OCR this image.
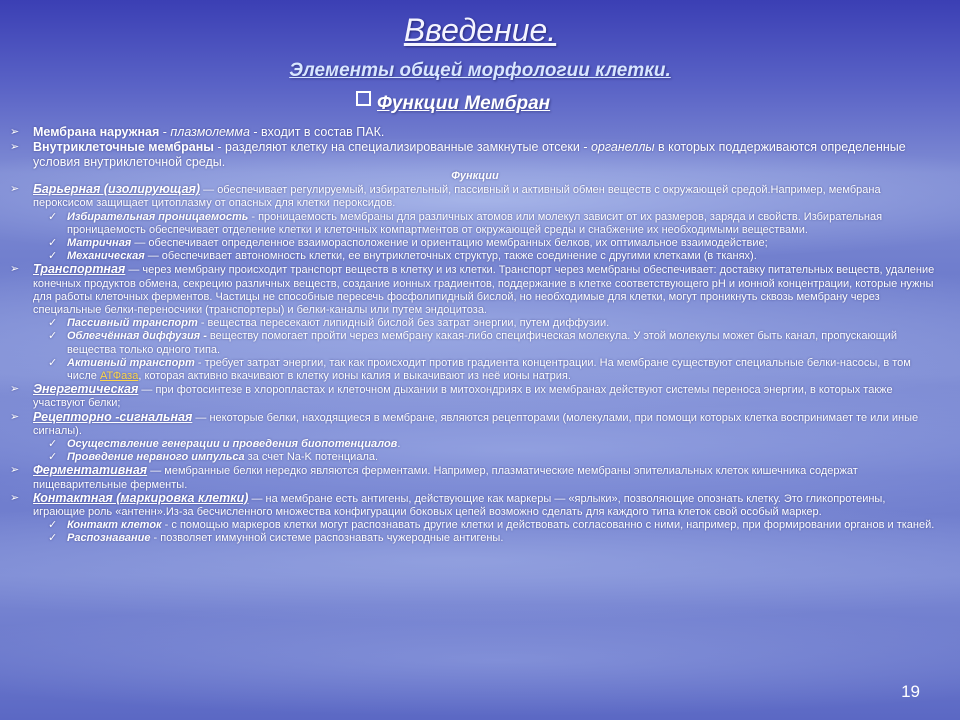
Введение.
Элементы общей морфологии клетки.
Функции Мембран
➢	Мембрана наружная - плазмолемма - входит в состав ПАК.
➢	Внутриклеточные мембраны - разделяют клетку на специализированные замкнутые отсеки - органеллы в которых поддерживаются определенные условия внутриклеточной среды.
Функции
➢	Барьерная (изолирующая) — обеспечивает регулируемый, избирательный, пассивный и активный обмен веществ с окружающей средой.Например, мембрана пероксисом защищает цитоплазму от опасных для клетки пероксидов.
✓ Избирательная проницаемость - проницаемость мембраны для различных атомов или молекул зависит от их размеров, заряда и свойств. Избирательная проницаемость обеспечивает отделение клетки и клеточных компартментов от окружающей среды и снабжение их необходимыми веществами.
✓ Матричная — обеспечивает определенное взаиморасположение и ориентацию мембранных белков, их оптимальное взаимодействие;
✓ Механическая — обеспечивает автономность клетки, ее внутриклеточных структур, также соединение с другими клетками (в тканях).
➢	Транспортная — через мембрану происходит транспорт веществ в клетку и из клетки. Транспорт через мембраны обеспечивает: доставку питательных веществ, удаление конечных продуктов обмена, секрецию различных веществ, создание ионных градиентов, поддержание в клетке соответствующего pH и ионной концентрации, которые нужны для работы клеточных ферментов. Частицы не способные пересечь фосфолипидный бислой, но необходимые для клетки, могут проникнуть сквозь мембрану через специальные белки-переносчики (транспортеры) и белки-каналы или путем эндоцитоза.
✓ Пассивный транспорт - вещества пересекают липидный бислой без затрат энергии, путем диффузии.
✓ Облегчённая диффузия - веществу помогает пройти через мембрану какая-либо специфическая молекула. У этой молекулы может быть канал, пропускающий вещества только одного типа.
✓ Активный транспорт - требует затрат энергии, так как происходит против градиента концентрации. На мембране существуют специальные белки-насосы, в том числе АТФаза, которая активно вкачивают в клетку ионы калия и выкачивают из неё ионы натрия.
➢	Энергетическая — при фотосинтезе в хлоропластах и клеточном дыхании в митохондриях в их мембранах действуют системы переноса энергии, в которых также участвуют белки;
➢	Рецепторно -сигнальная — некоторые белки, находящиеся в мембране, являются рецепторами (молекулами, при помощи которых клетка воспринимает те или иные сигналы).
✓ Осуществление генерации и проведения биопотенциалов.
✓ Проведение нервного импульса за счет Na-K потенциала.
➢	Ферментативная — мембранные белки нередко являются ферментами. Например, плазматические мембраны эпителиальных клеток кишечника содержат пищеварительные ферменты.
➢	Контактная (маркировка клетки) — на мембране есть антигены, действующие как маркеры — «ярлыки», позволяющие опознать клетку. Это гликопротеины, играющие роль «антенн».Из-за бесчисленного множества конфигурации боковых цепей возможно сделать для каждого типа клеток свой особый маркер.
✓ Контакт клеток - с помощью маркеров клетки могут распознавать другие клетки и действовать согласованно с ними, например, при формировании органов и тканей.
✓ Распознавание - позволяет иммунной системе распознавать чужеродные антигены.
19
